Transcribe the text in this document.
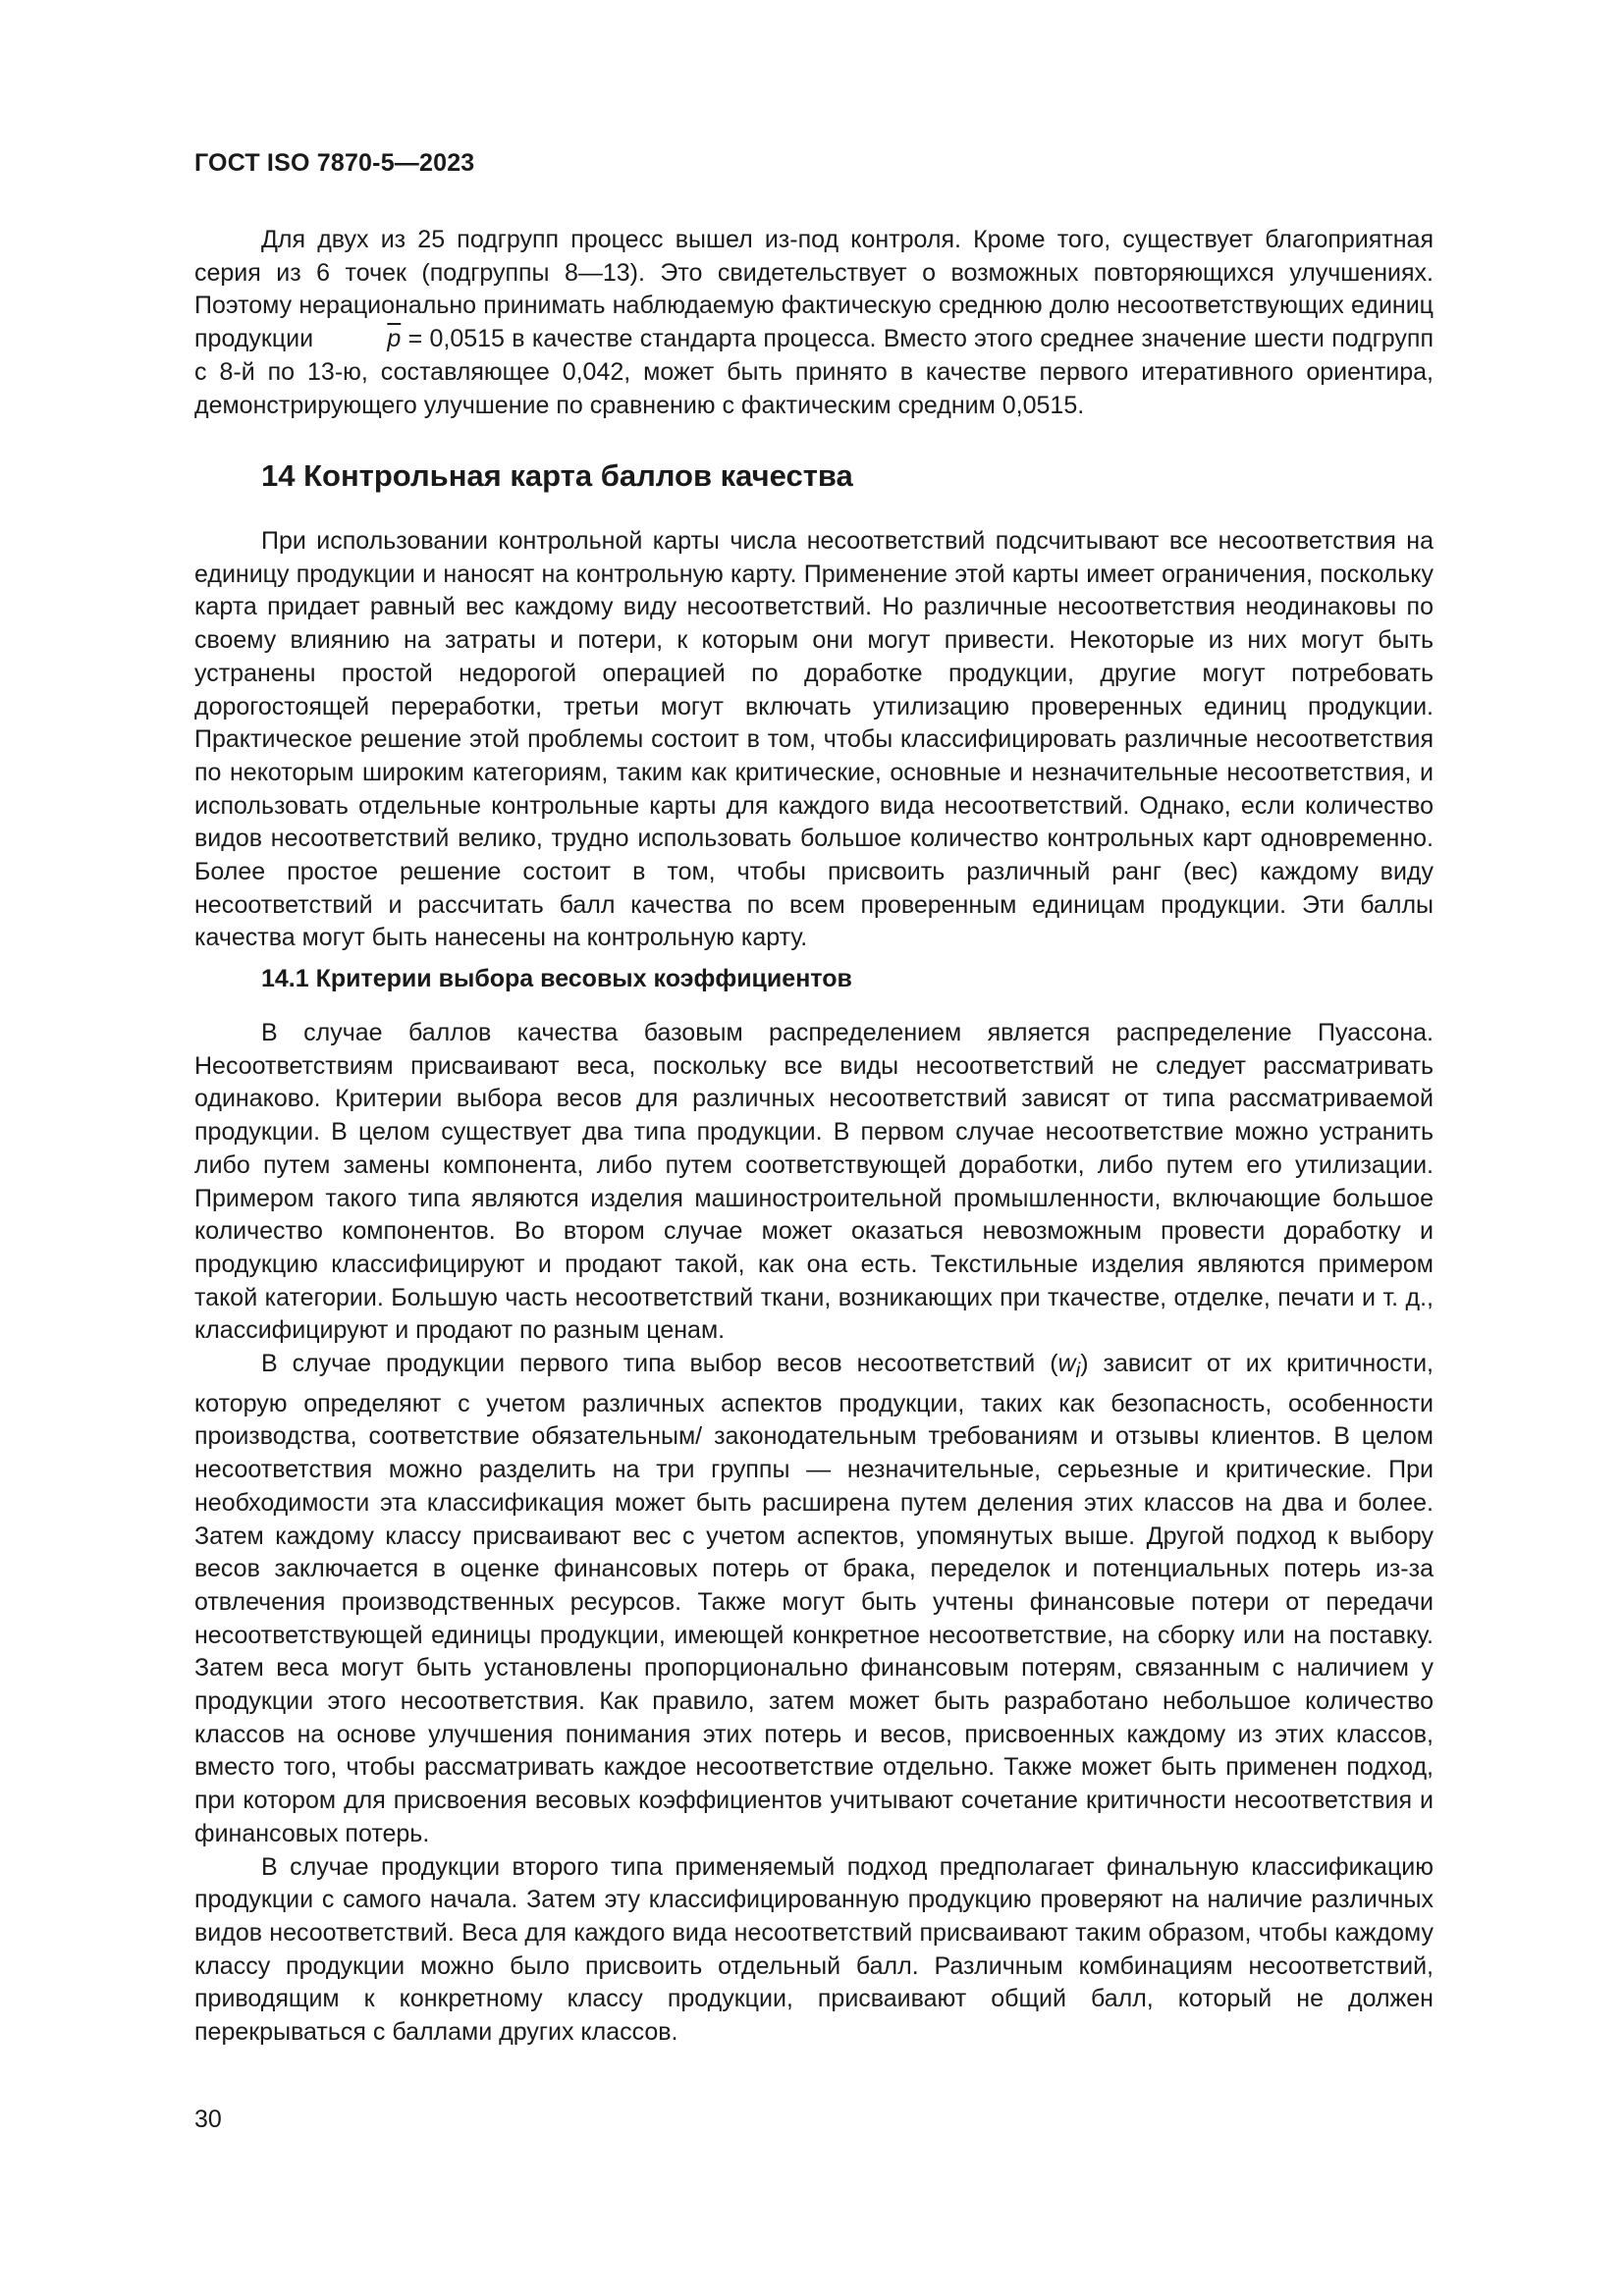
ГОСТ ISO 7870-5—2023

Для двух из 25 подгрупп процесс вышел из-под контроля. Кроме того, существует благоприятная серия из 6 точек (подгруппы 8—13). Это свидетельствует о возможных повторяющихся улучшениях. Поэтому нерационально принимать наблюдаемую фактическую среднюю долю несоответствующих единиц продукции	$\overline{p} = 0,0515$ в качестве стандарта процесса. Вместо этого среднее значение шести подгрупп с 8-й по 13-ю, составляющее 0,042, может быть принято в качестве первого итеративного ориентира, демонстрирующего улучшение по сравнению с фактическим средним 0,0515.

14 Контрольная карта баллов качества

При использовании контрольной карты числа несоответствий подсчитывают все несоответствия на единицу продукции и наносят на контрольную карту. Применение этой карты имеет ограничения, поскольку карта придает равный вес каждому виду несоответствий. Но различные несоответствия неодинаковы по своему влиянию на затраты и потери, к которым они могут привести. Некоторые из них могут быть устранены простой недорогой операцией по доработке продукции, другие могут потребовать дорогостоящей переработки, третьи могут включать утилизацию проверенных единиц продукции. Практическое решение этой проблемы состоит в том, чтобы классифицировать различные несоответствия по некоторым широким категориям, таким как критические, основные и незначительные несоответствия, и использовать отдельные контрольные карты для каждого вида несоответствий. Однако, если количество видов несоответствий велико, трудно использовать большое количество контрольных карт одновременно. Более простое решение состоит в том, чтобы присвоить различный ранг (вес) каждому виду несоответствий и рассчитать балл качества по всем проверенным единицам продукции. Эти баллы качества могут быть нанесены на контрольную карту.

14.1 Критерии выбора весовых коэффициентов

В случае баллов качества базовым распределением является распределение Пуассона. Несоответствиям присваивают веса, поскольку все виды несоответствий не следует рассматривать одинаково. Критерии выбора весов для различных несоответствий зависят от типа рассматриваемой продукции. В целом существует два типа продукции. В первом случае несоответствие можно устранить либо путем замены компонента, либо путем соответствующей доработки, либо путем его утилизации. Примером такого типа являются изделия машиностроительной промышленности, включающие большое количество компонентов. Во втором случае может оказаться невозможным провести доработку и продукцию классифицируют и продают такой, как она есть. Текстильные изделия являются примером такой категории. Большую часть несоответствий ткани, возникающих при ткачестве, отделке, печати и т. д., классифицируют и продают по разным ценам.

В случае продукции первого типа выбор весов несоответствий $(w_i)$ зависит от их критичности, которую определяют с учетом различных аспектов продукции, таких как безопасность, особенности производства, соответствие обязательным/ законодательным требованиям и отзывы клиентов. В целом несоответствия можно разделить на три группы — незначительные, серьезные и критические. При необходимости эта классификация может быть расширена путем деления этих классов на два и более. Затем каждому классу присваивают вес с учетом аспектов, упомянутых выше. Другой подход к выбору весов заключается в оценке финансовых потерь от брака, переделок и потенциальных потерь из-за отвлечения производственных ресурсов. Также могут быть учтены финансовые потери от передачи несоответствующей единицы продукции, имеющей конкретное несоответствие, на сборку или на поставку. Затем веса могут быть установлены пропорционально финансовым потерям, связанным с наличием у продукции этого несоответствия. Как правило, затем может быть разработано небольшое количество классов на основе улучшения понимания этих потерь и весов, присвоенных каждому из этих классов, вместо того, чтобы рассматривать каждое несоответствие отдельно. Также может быть применен подход, при котором для присвоения весовых коэффициентов учитывают сочетание критичности несоответствия и финансовых потерь.

В случае продукции второго типа применяемый подход предполагает финальную классификацию продукции с самого начала. Затем эту классифицированную продукцию проверяют на наличие различных видов несоответствий. Веса для каждого вида несоответствий присваивают таким образом, чтобы каждому классу продукции можно было присвоить отдельный балл. Различным комбинациям несоответствий, приводящим к конкретному классу продукции, присваивают общий балл, который не должен перекрываться с баллами других классов.

30
